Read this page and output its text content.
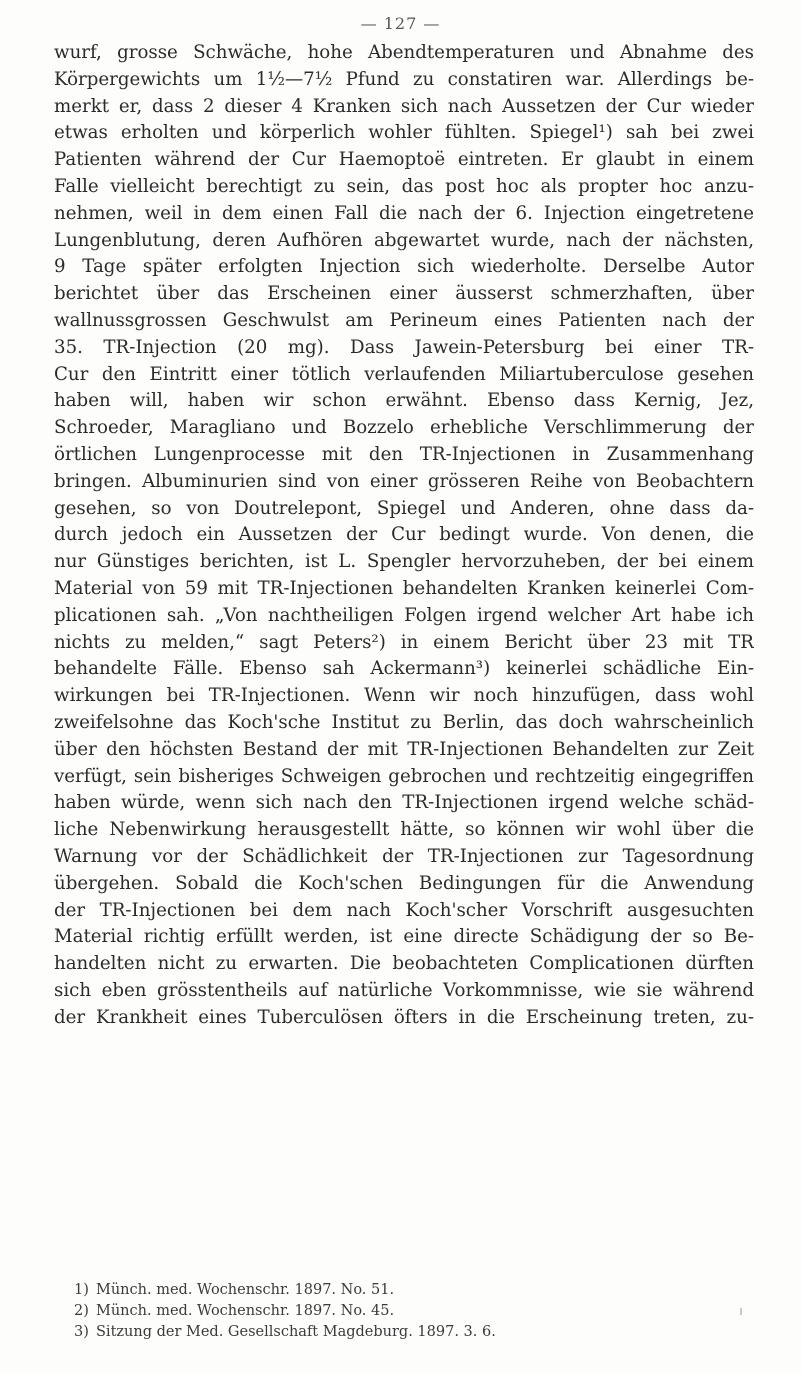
— 127 —
wurf, grosse Schwäche, hohe Abendtemperaturen und Abnahme des
Körpergewichts um 1½—7½ Pfund zu constatiren war. Allerdings be-
merkt er, dass 2 dieser 4 Kranken sich nach Aussetzen der Cur wieder
etwas erholten und körperlich wohler fühlten. Spiegel¹) sah bei zwei
Patienten während der Cur Haemoptoë eintreten. Er glaubt in einem
Falle vielleicht berechtigt zu sein, das post hoc als propter hoc anzu-
nehmen, weil in dem einen Fall die nach der 6. Injection eingetretene
Lungenblutung, deren Aufhören abgewartet wurde, nach der nächsten,
9 Tage später erfolgten Injection sich wiederholte. Derselbe Autor
berichtet über das Erscheinen einer äusserst schmerzhaften, über
wallnussgrossen Geschwulst am Perineum eines Patienten nach der
35. TR-Injection (20 mg). Dass Jawein-Petersburg bei einer TR-
Cur den Eintritt einer tötlich verlaufenden Miliartuberculose gesehen
haben will, haben wir schon erwähnt. Ebenso dass Kernig, Jez,
Schroeder, Maragliano und Bozzelo erhebliche Verschlimmerung der
örtlichen Lungenprocesse mit den TR-Injectionen in Zusammenhang
bringen. Albuminurien sind von einer grösseren Reihe von Beobachtern
gesehen, so von Doutrelepont, Spiegel und Anderen, ohne dass da-
durch jedoch ein Aussetzen der Cur bedingt wurde. Von denen, die
nur Günstiges berichten, ist L. Spengler hervorzuheben, der bei einem
Material von 59 mit TR-Injectionen behandelten Kranken keinerlei Com-
plicationen sah. „Von nachtheiligen Folgen irgend welcher Art habe ich
nichts zu melden,“ sagt Peters²) in einem Bericht über 23 mit TR
behandelte Fälle. Ebenso sah Ackermann³) keinerlei schädliche Ein-
wirkungen bei TR-Injectionen. Wenn wir noch hinzufügen, dass wohl
zweifelsohne das Koch'sche Institut zu Berlin, das doch wahrscheinlich
über den höchsten Bestand der mit TR-Injectionen Behandelten zur Zeit
verfügt, sein bisheriges Schweigen gebrochen und rechtzeitig eingegriffen
haben würde, wenn sich nach den TR-Injectionen irgend welche schäd-
liche Nebenwirkung herausgestellt hätte, so können wir wohl über die
Warnung vor der Schädlichkeit der TR-Injectionen zur Tagesordnung
übergehen. Sobald die Koch'schen Bedingungen für die Anwendung
der TR-Injectionen bei dem nach Koch'scher Vorschrift ausgesuchten
Material richtig erfüllt werden, ist eine directe Schädigung der so Be-
handelten nicht zu erwarten. Die beobachteten Complicationen dürften
sich eben grösstentheils auf natürliche Vorkommnisse, wie sie während
der Krankheit eines Tuberculösen öfters in die Erscheinung treten, zu-
1) Münch. med. Wochenschr. 1897. No. 51.
2) Münch. med. Wochenschr. 1897. No. 45.
3) Sitzung der Med. Gesellschaft Magdeburg. 1897. 3. 6.
